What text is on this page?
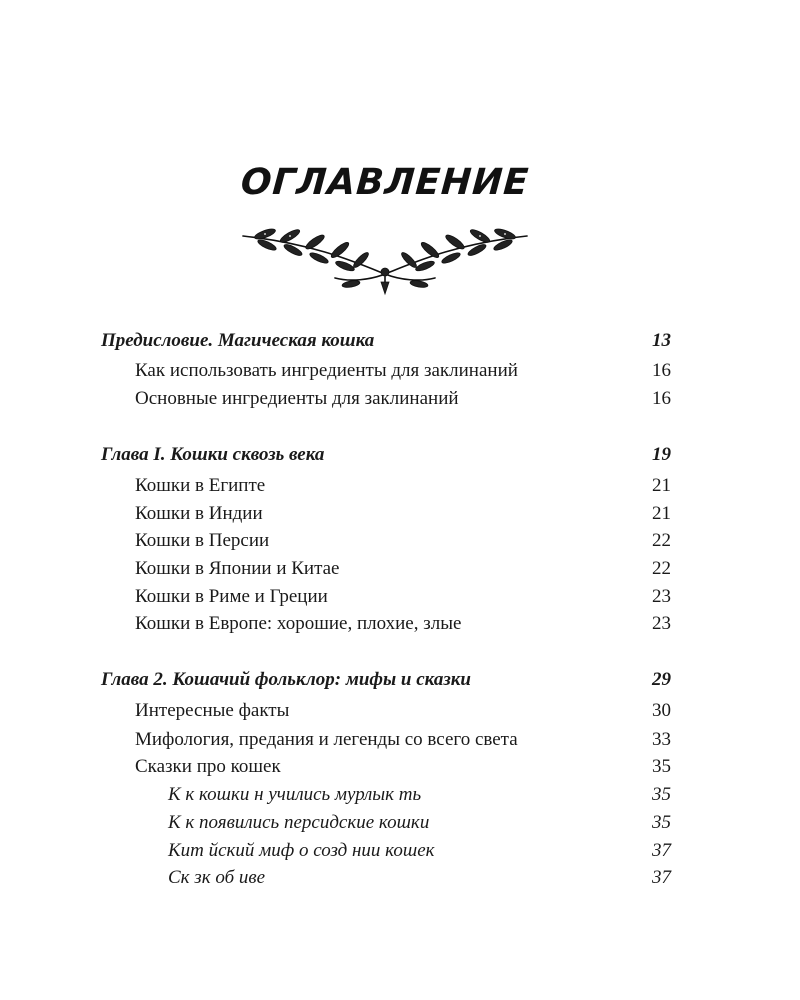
ОГЛАВЛЕНИЕ
Предисловие. Магическая кошка	13
Как использовать ингредиенты для заклинаний	16
Основные ингредиенты для заклинаний	16
Глава I. Кошки сквозь века	19
Кошки в Египте	21
Кошки в Индии	21
Кошки в Персии	22
Кошки в Японии и Китае	22
Кошки в Риме и Греции	23
Кошки в Европе: хорошие, плохие, злые	23
Глава 2. Кошачий фольклор: мифы и сказки	29
Интересные факты	30
Мифология, предания и легенды со всего света	33
Сказки про кошек	35
К к кошки н учились мурлык ть	35
К к появились персидские кошки	35
Кит йский миф о созд нии кошек	37
Ск зк об иве	37
